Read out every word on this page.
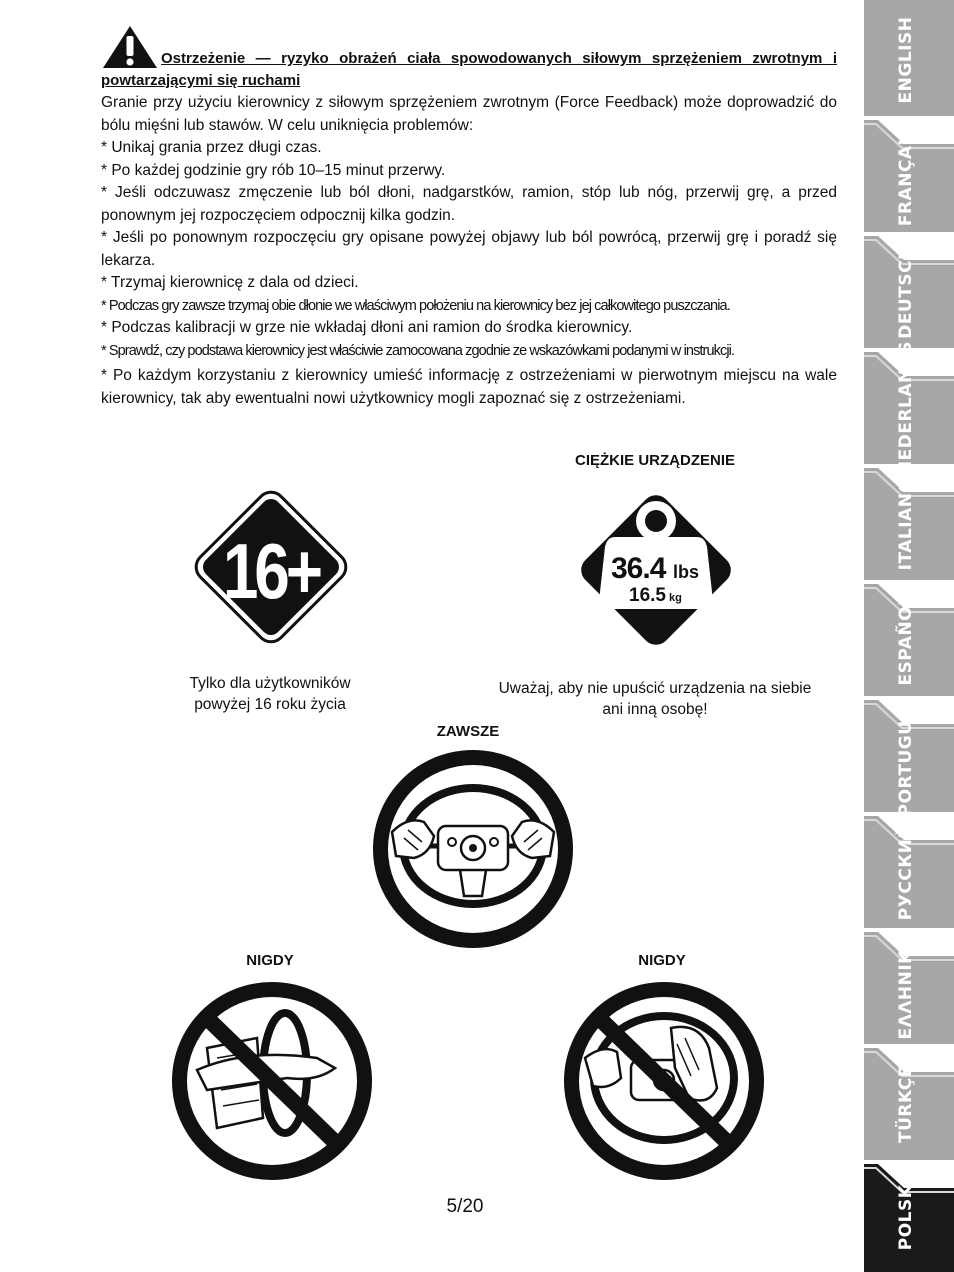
Ostrzeżenie — ryzyko obrażeń ciała spowodowanych siłowym sprzężeniem zwrotnym i powtarzającymi się ruchami

Granie przy użyciu kierownicy z siłowym sprzężeniem zwrotnym (Force Feedback) może doprowadzić do bólu mięśni lub stawów. W celu uniknięcia problemów:

* Unikaj grania przez długi czas.

* Po każdej godzinie gry rób 10–15 minut przerwy.

* Jeśli odczuwasz zmęczenie lub ból dłoni, nadgarstków, ramion, stóp lub nóg, przerwij grę, a przed ponownym jej rozpoczęciem odpocznij kilka godzin.

* Jeśli po ponownym rozpoczęciu gry opisane powyżej objawy lub ból powrócą, przerwij grę i poradź się lekarza.

* Trzymaj kierownicę z dala od dzieci.

* Podczas gry zawsze trzymaj obie dłonie we właściwym położeniu na kierownicy bez jej całkowitego puszczania.

* Podczas kalibracji w grze nie wkładaj dłoni ani ramion do środka kierownicy.

* Sprawdź, czy podstawa kierownicy jest właściwie zamocowana zgodnie ze wskazówkami podanymi w instrukcji.

* Po każdym korzystaniu z kierownicy umieść informację z ostrzeżeniami w pierwotnym miejscu na wale kierownicy, tak aby ewentualni nowi użytkownicy mogli zapoznać się z ostrzeżeniami.

16+
Tylko dla użytkowników
powyżej 16 roku życia
CIĘŻKIE URZĄDZENIE
36.4 lbs
16.5 kg
Uważaj, aby nie upuścić urządzenia na siebie
ani inną osobę!
ZAWSZE
NIGDY	NIGDY
5/20
ENGLISH
FRANÇAIS
DEUTSCH
NEDERLANDS
ITALIANO
ESPAÑOL
PORTUGUÊS
РУССКИЙ
ΕΛΛΗΝΙΚΑ
TÜRKÇE
POLSKI
